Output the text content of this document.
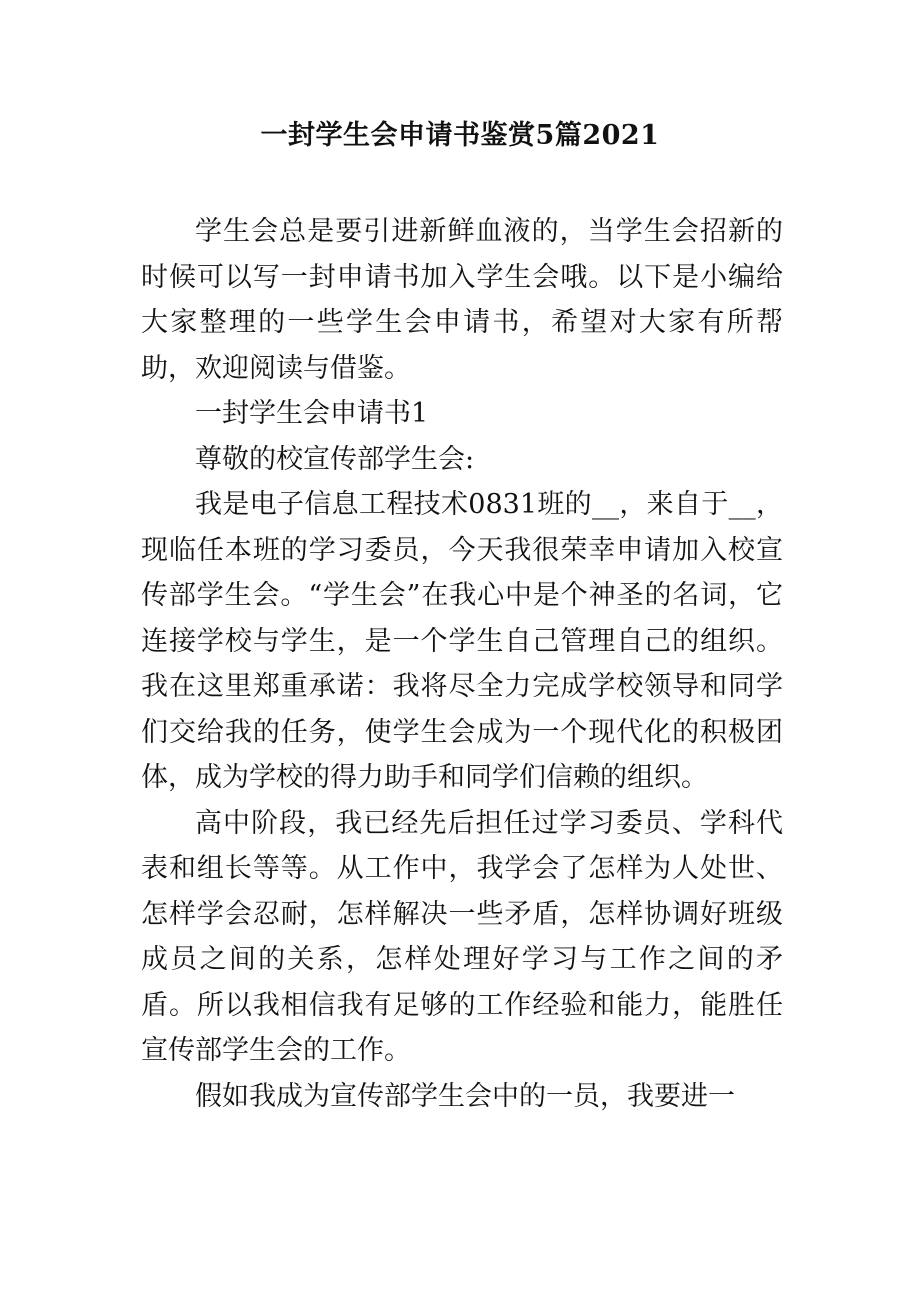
一封学生会申请书鉴赏5篇2021

学生会总是要引进新鲜血液的，当学生会招新的时候可以写一封申请书加入学生会哦。以下是小编给大家整理的一些学生会申请书，希望对大家有所帮助，欢迎阅读与借鉴。

一封学生会申请书1

尊敬的校宣传部学生会:

我是电子信息工程技术0831班的__，来自于__，现临任本班的学习委员，今天我很荣幸申请加入校宣传部学生会。“学生会”在我心中是个神圣的名词，它连接学校与学生，是一个学生自己管理自己的组织。我在这里郑重承诺：我将尽全力完成学校领导和同学们交给我的任务，使学生会成为一个现代化的积极团体，成为学校的得力助手和同学们信赖的组织。

高中阶段，我已经先后担任过学习委员、学科代表和组长等等。从工作中，我学会了怎样为人处世、怎样学会忍耐，怎样解决一些矛盾，怎样协调好班级成员之间的关系，怎样处理好学习与工作之间的矛盾。所以我相信我有足够的工作经验和能力，能胜任宣传部学生会的工作。

假如我成为宣传部学生会中的一员，我要进一
